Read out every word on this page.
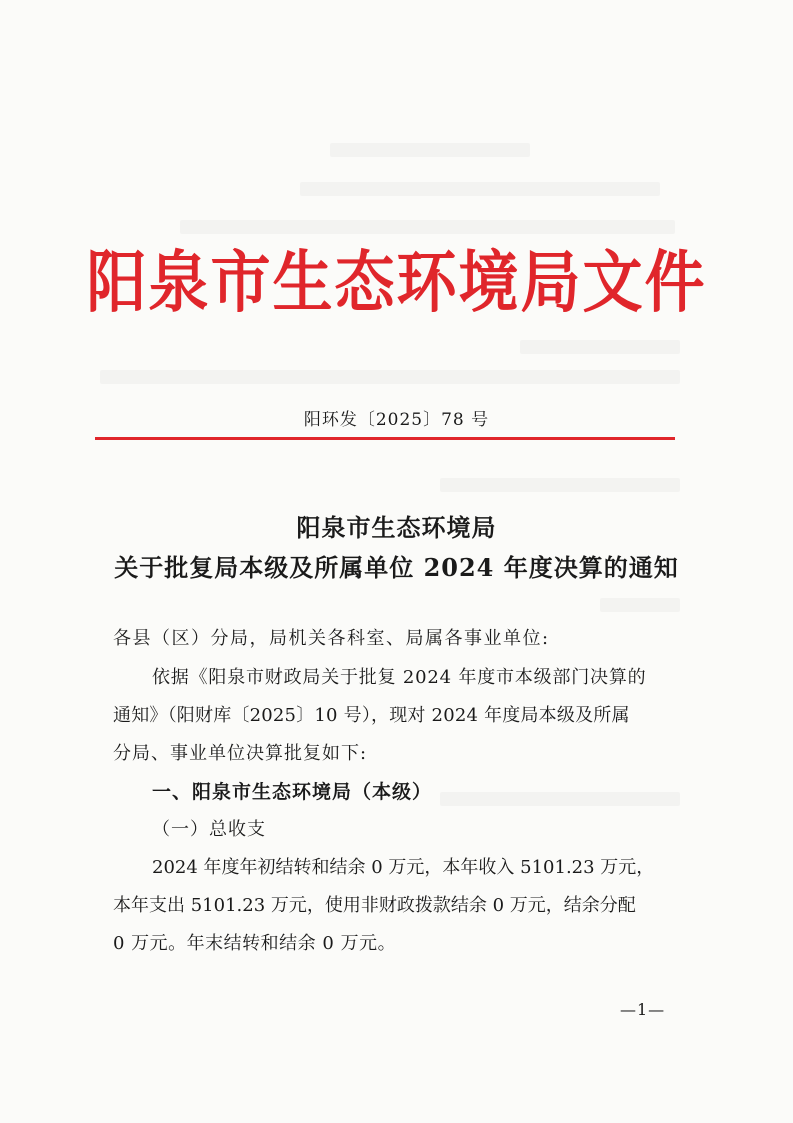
阳泉市生态环境局文件
阳环发〔2025〕78 号
阳泉市生态环境局
关于批复局本级及所属单位 2024 年度决算的通知
各县（区）分局，局机关各科室、局属各事业单位:
依据《阳泉市财政局关于批复 2024 年度市本级部门决算的
通知》（阳财库〔2025〕10 号），现对 2024 年度局本级及所属
分局、事业单位决算批复如下:
一、阳泉市生态环境局（本级）
（一）总收支
2024 年度年初结转和结余 0 万元，本年收入 5101.23 万元，
本年支出 5101.23 万元，使用非财政拨款结余 0 万元，结余分配
0 万元。年末结转和结余 0 万元。
—1—
